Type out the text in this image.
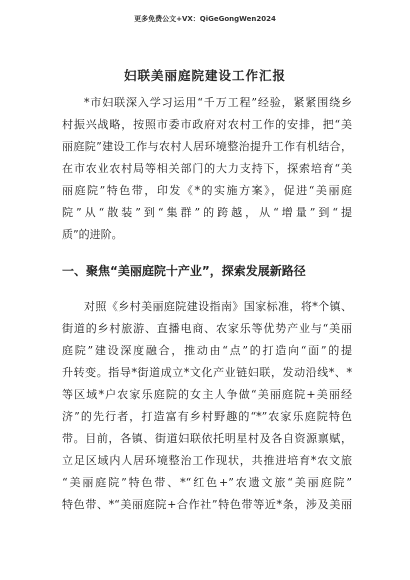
更多免费公文+VX：QiGeGongWen2024
妇联美丽庭院建设工作汇报
*市妇联深入学习运用“千万工程”经验，紧紧围绕乡
村振兴战略，按照市委市政府对农村工作的安排，把“美
丽庭院”建设工作与农村人居环境整治提升工作有机结合，
在市农业农村局等相关部门的大力支持下，探索培育“美
丽庭院”特色带，印发《*的实施方案》，促进“美丽庭
院”从“散装”到“集群”的跨越，从“增量”到“提
质”的进阶。
一、聚焦“美丽庭院十产业”，探索发展新路径
对照《乡村美丽庭院建设指南》国家标准，将*个镇、
街道的乡村旅游、直播电商、农家乐等优势产业与“美丽
庭院”建设深度融合，推动由“点”的打造向“面”的提
升转变。指导*街道成立*文化产业链妇联，发动沿线*、*
等区域*户农家乐庭院的女主人争做“美丽庭院+美丽经
济”的先行者，打造富有乡村野趣的“*”农家乐庭院特色
带。目前，各镇、街道妇联依托明星村及各自资源禀赋，
立足区域内人居环境整治工作现状，共推进培育*农文旅
“美丽庭院”特色带、*“红色+”农遗文旅“美丽庭院”
特色带、*“美丽庭院+合作社”特色带等近*条，涉及美丽
